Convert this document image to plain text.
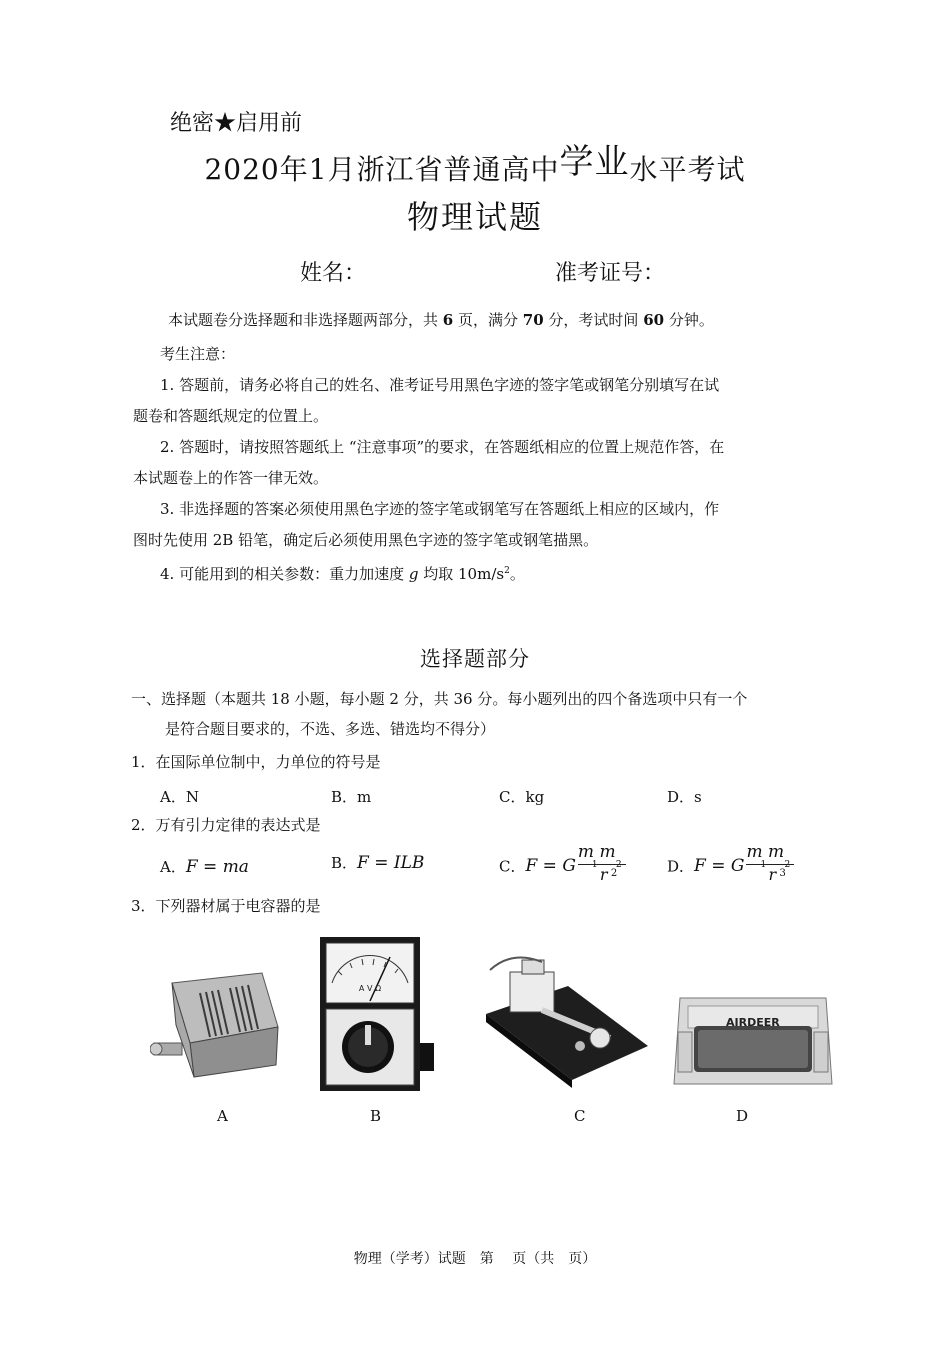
绝密★启用前
2020年1月浙江省普通高中学业水平考试
物理试题
姓名：	准考证号：
本试题卷分选择题和非选择题两部分，共 6 页，满分 70 分，考试时间 60 分钟。
考生注意：
1. 答题前，请务必将自己的姓名、准考证号用黑色字迹的签字笔或钢笔分别填写在试
题卷和答题纸规定的位置上。
2. 答题时，请按照答题纸上 “注意事项”的要求，在答题纸相应的位置上规范作答，在
本试题卷上的作答一律无效。
3. 非选择题的答案必须使用黑色字迹的签字笔或钢笔写在答题纸上相应的区域内，作
图时先使用 2B 铅笔，确定后必须使用黑色字迹的签字笔或钢笔描黑。
4. 可能用到的相关参数：重力加速度 g 均取 $10m/s^2$。
选择题部分
一、选择题（本题共 18 小题，每小题 2 分，共 36 分。每小题列出的四个备选项中只有一个
是符合题目要求的，不选、多选、错选均不得分）
1．在国际单位制中，力单位的符号是
A．N	B．m	C．kg	D．s
2．万有引力定律的表达式是
A．F = ma	B．F = ILB	C．F = G
m m
1 2
r 2	D．F = G
m m
1 2
r 3
3．下列器材属于电容器的是
A V Ω
AIRDEER
A	B	C	D
物理（学考）试题　第　 页（共　页）
